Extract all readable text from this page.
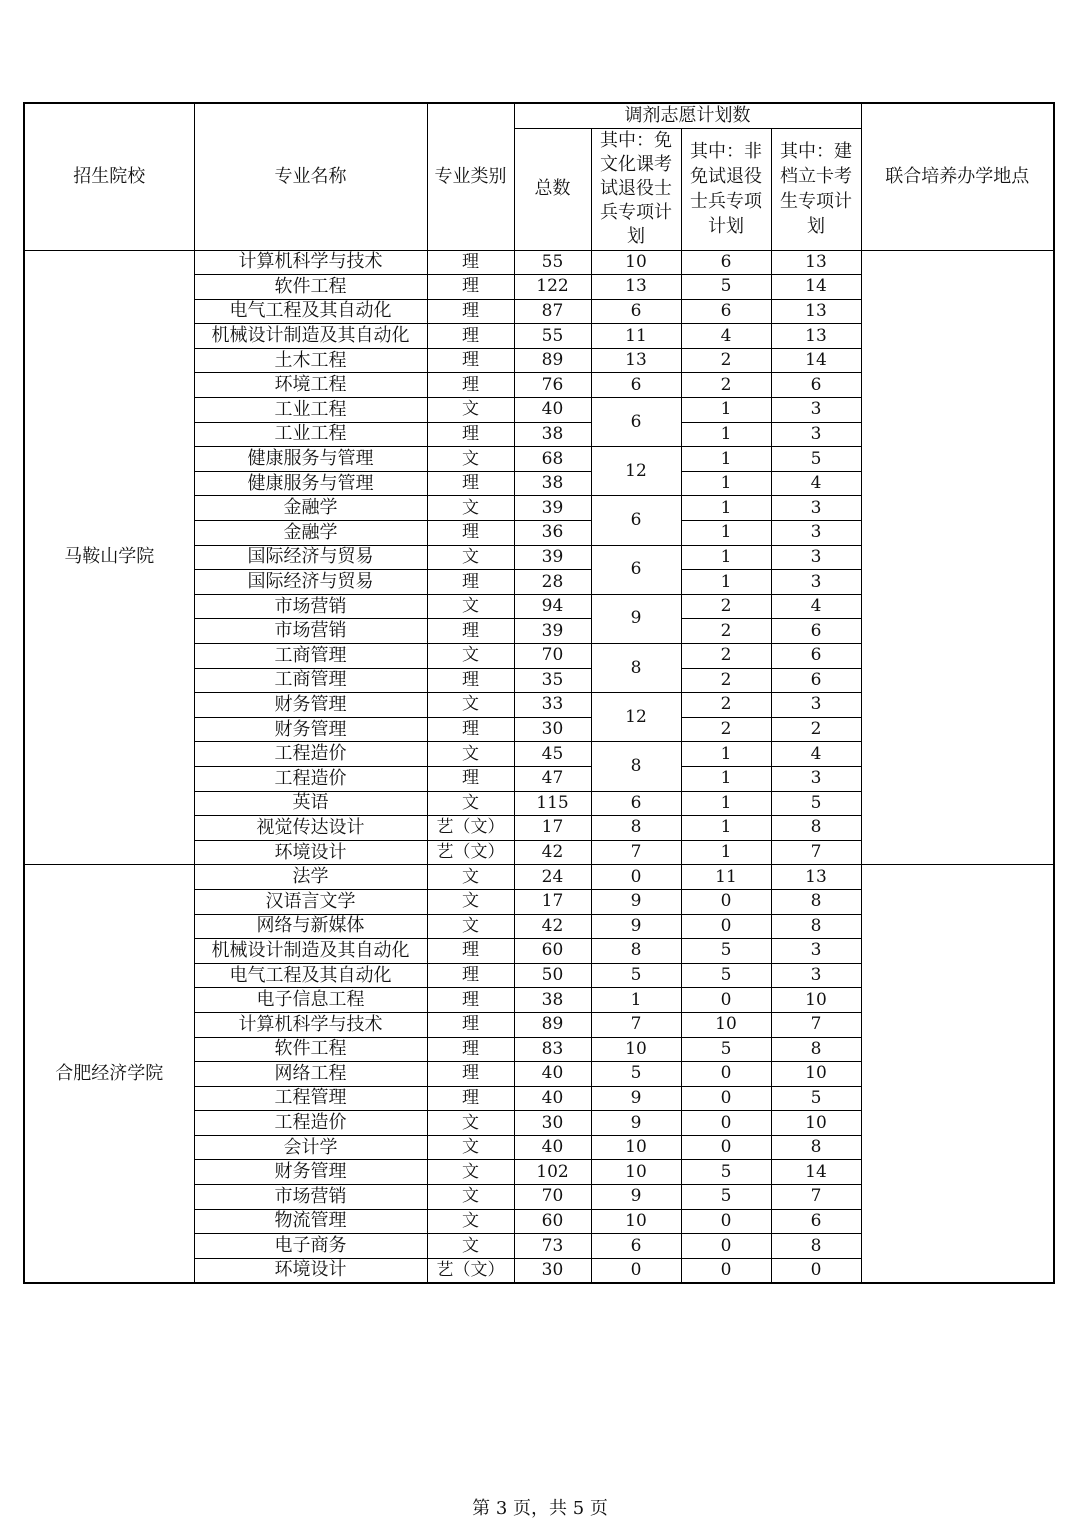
招生院校	专业名称	专业类别	调剂志愿计划数				联合培养办学地点
			总数	其中：免文化课考试退役士兵专项计划	其中：非免试退役士兵专项计划	其中：建档立卡考生专项计划	
马鞍山学院	计算机科学与技术	理	55	10	6	13	
	软件工程	理	122	13	5	14	
	电气工程及其自动化	理	87	6	6	13	
	机械设计制造及其自动化	理	55	11	4	13	
	土木工程	理	89	13	2	14	
	环境工程	理	76	6	2	6	
	工业工程	文	40	6	1	3	
	工业工程	理	38		1	3	
	健康服务与管理	文	68	12	1	5	
	健康服务与管理	理	38		1	4	
	金融学	文	39	6	1	3	
	金融学	理	36		1	3	
	国际经济与贸易	文	39	6	1	3	
	国际经济与贸易	理	28		1	3	
	市场营销	文	94	9	2	4	
	市场营销	理	39		2	6	
	工商管理	文	70	8	2	6	
	工商管理	理	35		2	6	
	财务管理	文	33	12	2	3	
	财务管理	理	30		2	2	
	工程造价	文	45	8	1	4	
	工程造价	理	47		1	3	
	英语	文	115	6	1	5	
	视觉传达设计	艺（文）	17	8	1	8	
	环境设计	艺（文）	42	7	1	7	
合肥经济学院	法学	文	24	0	11	13	
	汉语言文学	文	17	9	0	8	
	网络与新媒体	文	42	9	0	8	
	机械设计制造及其自动化	理	60	8	5	3	
	电气工程及其自动化	理	50	5	5	3	
	电子信息工程	理	38	1	0	10	
	计算机科学与技术	理	89	7	10	7	
	软件工程	理	83	10	5	8	
	网络工程	理	40	5	0	10	
	工程管理	理	40	9	0	5	
	工程造价	文	30	9	0	10	
	会计学	文	40	10	0	8	
	财务管理	文	102	10	5	14	
	市场营销	文	70	9	5	7	
	物流管理	文	60	10	0	6	
	电子商务	文	73	6	0	8	
	环境设计	艺（文）	30	0	0	0	
第 3 页，共 5 页
